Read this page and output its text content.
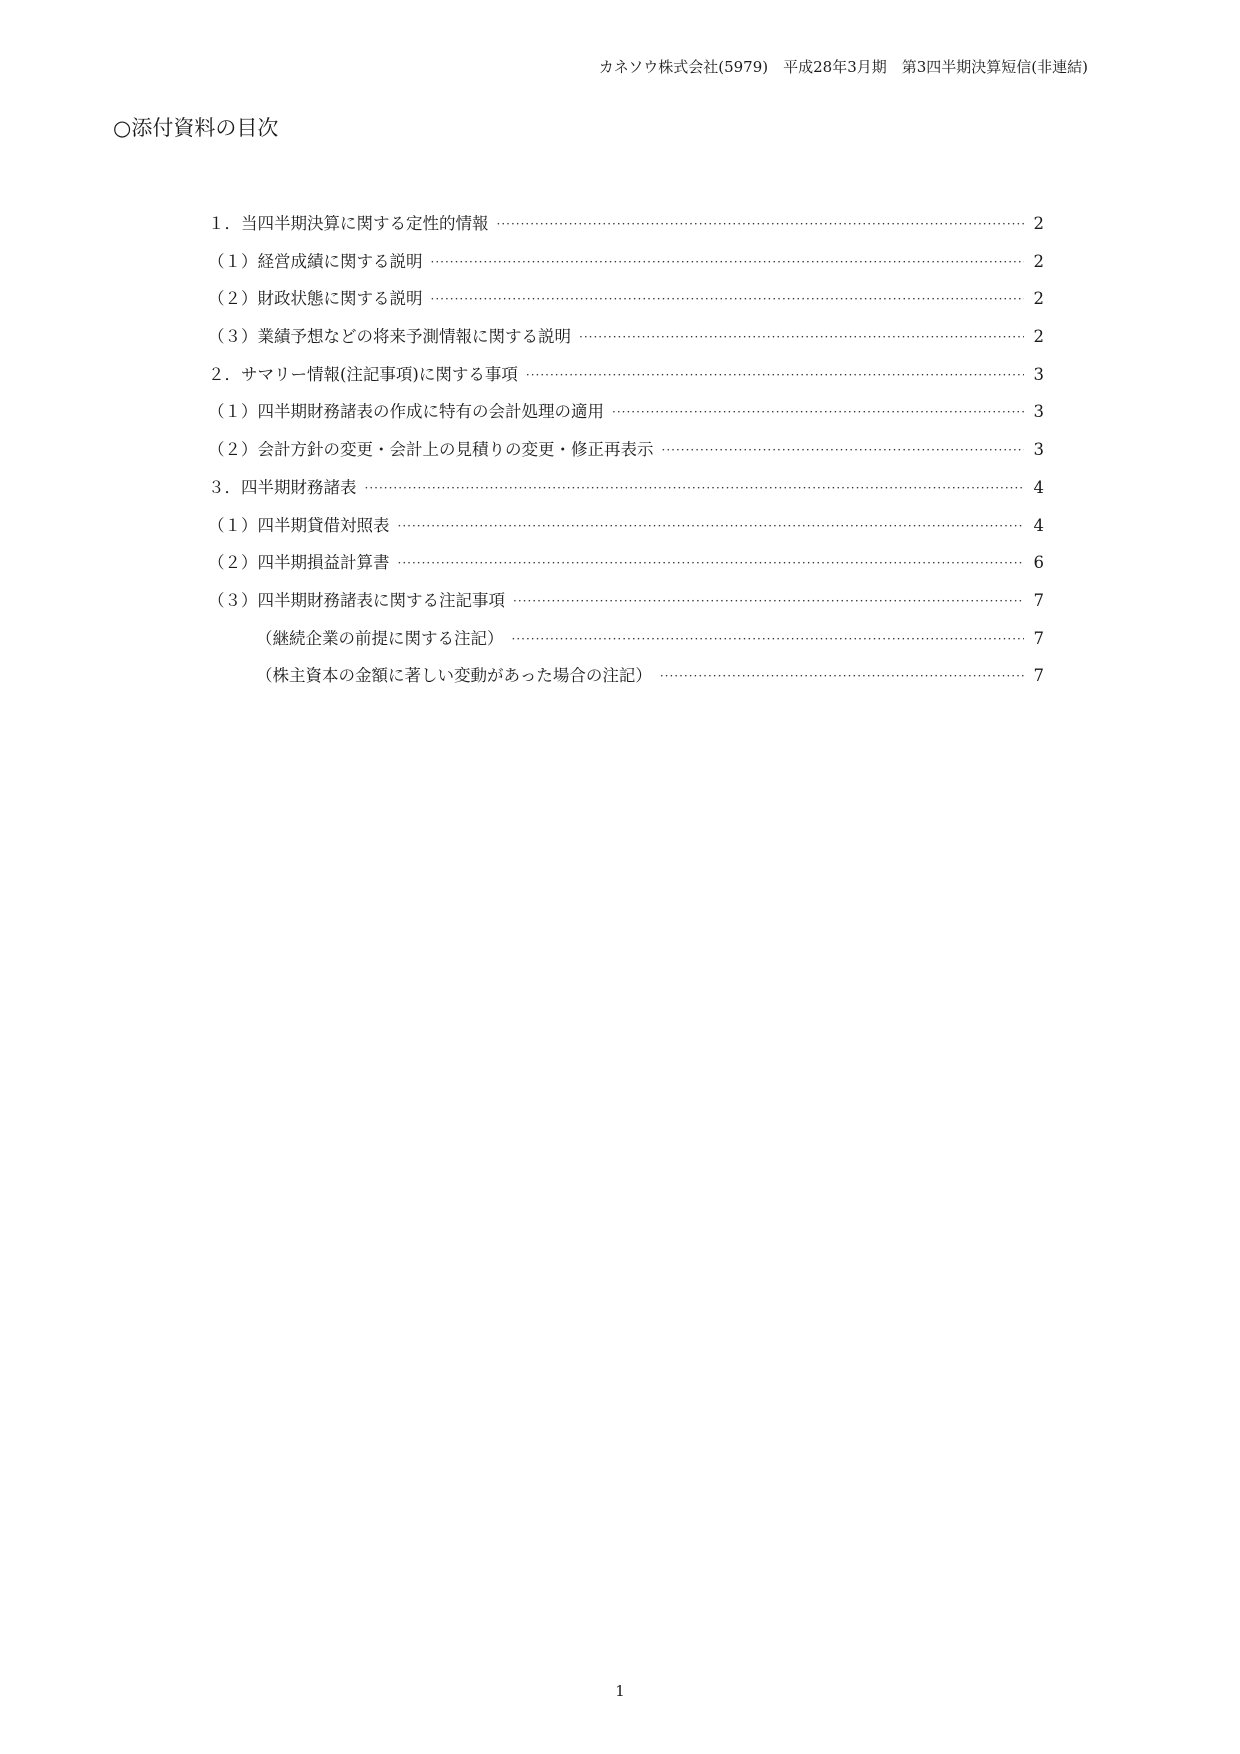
カネソウ株式会社(5979)　平成28年3月期　第3四半期決算短信(非連結)
○添付資料の目次
１．当四半期決算に関する定性的情報 ·····	2
（１）経営成績に関する説明 ·····	2
（２）財政状態に関する説明 ·····	2
（３）業績予想などの将来予測情報に関する説明 ·····	2
２．サマリー情報(注記事項)に関する事項 ·····	3
（１）四半期財務諸表の作成に特有の会計処理の適用 ·····	3
（２）会計方針の変更・会計上の見積りの変更・修正再表示 ·····	3
３．四半期財務諸表 ·····	4
（１）四半期貸借対照表 ·····	4
（２）四半期損益計算書 ·····	6
（３）四半期財務諸表に関する注記事項 ·····	7
（継続企業の前提に関する注記） ·····	7
（株主資本の金額に著しい変動があった場合の注記） ·····	7
1
